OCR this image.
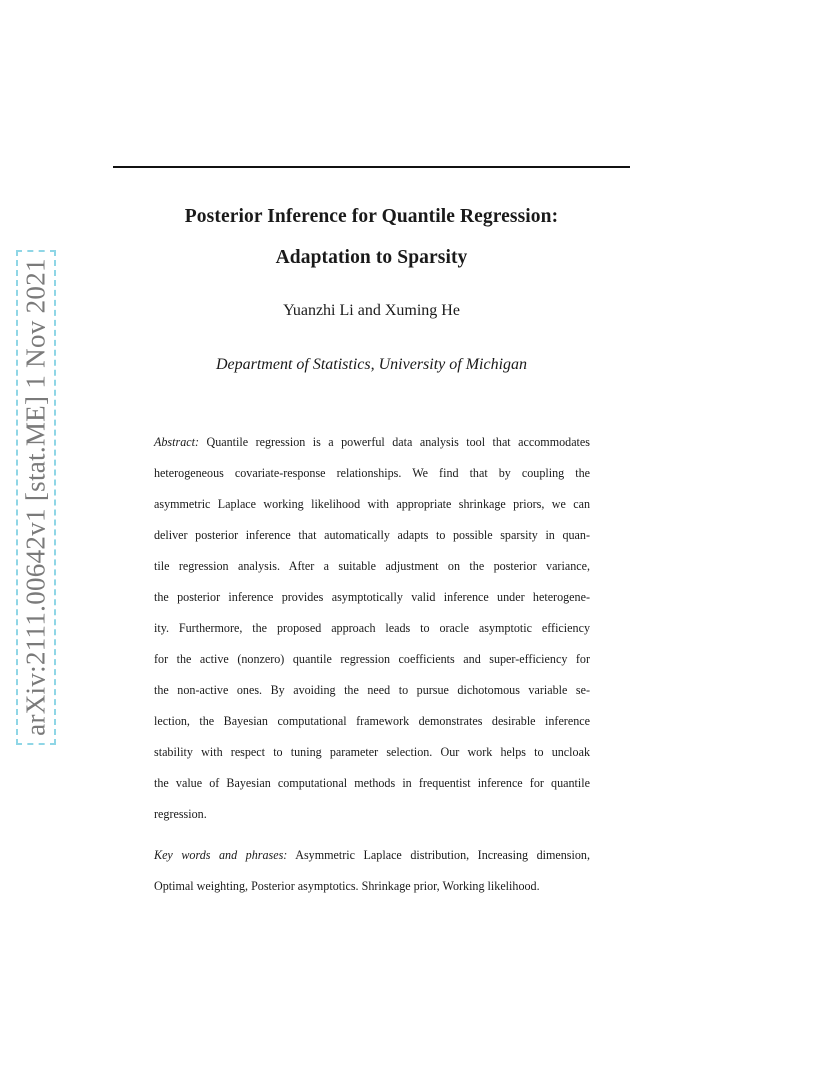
arXiv:2111.00642v1 [stat.ME] 1 Nov 2021
Posterior Inference for Quantile Regression:
Adaptation to Sparsity
Yuanzhi Li and Xuming He
Department of Statistics, University of Michigan
Abstract: Quantile regression is a powerful data analysis tool that accommodates
heterogeneous covariate-response relationships. We find that by coupling the
asymmetric Laplace working likelihood with appropriate shrinkage priors, we can
deliver posterior inference that automatically adapts to possible sparsity in quan-
tile regression analysis. After a suitable adjustment on the posterior variance,
the posterior inference provides asymptotically valid inference under heterogene-
ity. Furthermore, the proposed approach leads to oracle asymptotic efficiency
for the active (nonzero) quantile regression coefficients and super-efficiency for
the non-active ones. By avoiding the need to pursue dichotomous variable se-
lection, the Bayesian computational framework demonstrates desirable inference
stability with respect to tuning parameter selection. Our work helps to uncloak
the value of Bayesian computational methods in frequentist inference for quantile
regression.
Key words and phrases: Asymmetric Laplace distribution, Increasing dimension,
Optimal weighting, Posterior asymptotics. Shrinkage prior, Working likelihood.
